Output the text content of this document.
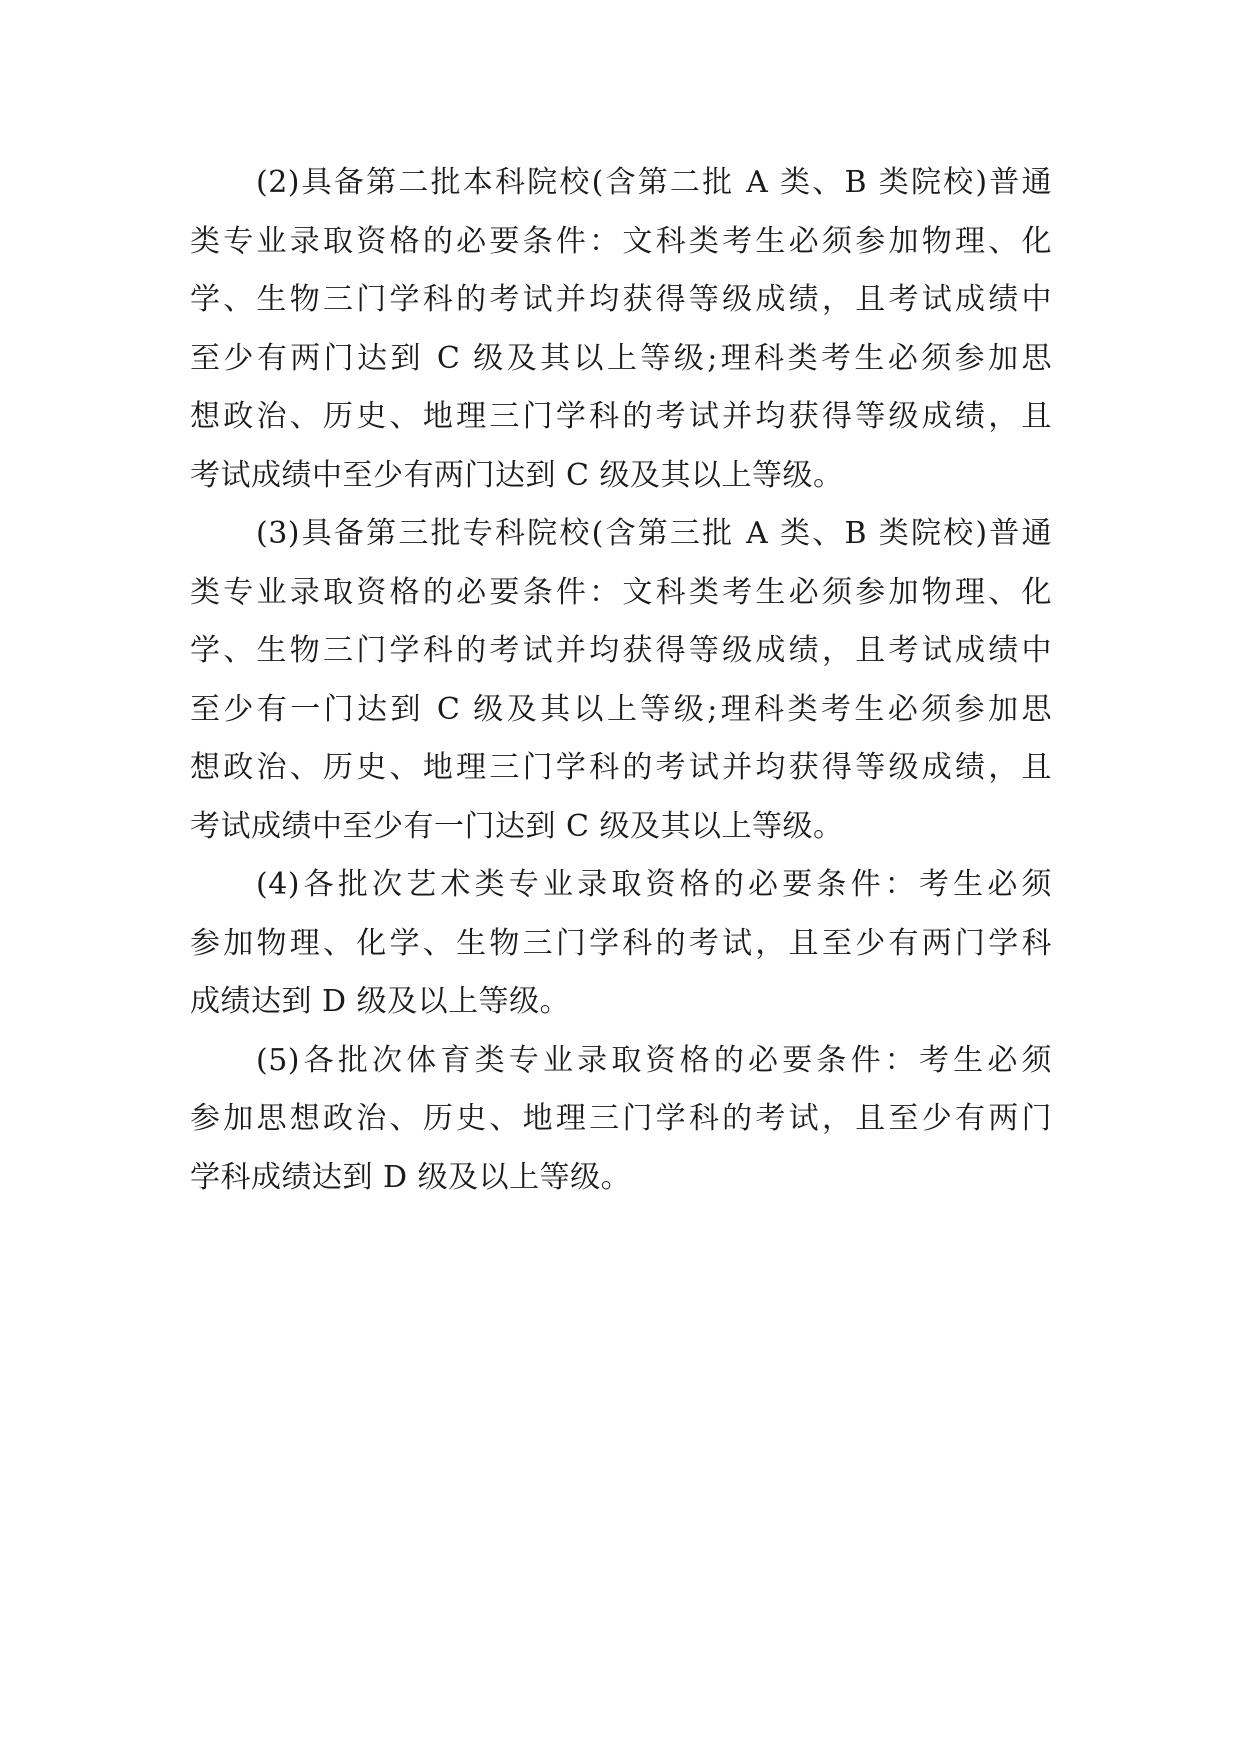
(2)具备第二批本科院校(含第二批 A 类、B 类院校)普通
类专业录取资格的必要条件：文科类考生必须参加物理、化
学、生物三门学科的考试并均获得等级成绩，且考试成绩中
至少有两门达到 C 级及其以上等级;理科类考生必须参加思
想政治、历史、地理三门学科的考试并均获得等级成绩，且
考试成绩中至少有两门达到 C 级及其以上等级。
(3)具备第三批专科院校(含第三批 A 类、B 类院校)普通
类专业录取资格的必要条件：文科类考生必须参加物理、化
学、生物三门学科的考试并均获得等级成绩，且考试成绩中
至少有一门达到 C 级及其以上等级;理科类考生必须参加思
想政治、历史、地理三门学科的考试并均获得等级成绩，且
考试成绩中至少有一门达到 C 级及其以上等级。
(4)各批次艺术类专业录取资格的必要条件：考生必须
参加物理、化学、生物三门学科的考试，且至少有两门学科
成绩达到 D 级及以上等级。
(5)各批次体育类专业录取资格的必要条件：考生必须
参加思想政治、历史、地理三门学科的考试，且至少有两门
学科成绩达到 D 级及以上等级。
